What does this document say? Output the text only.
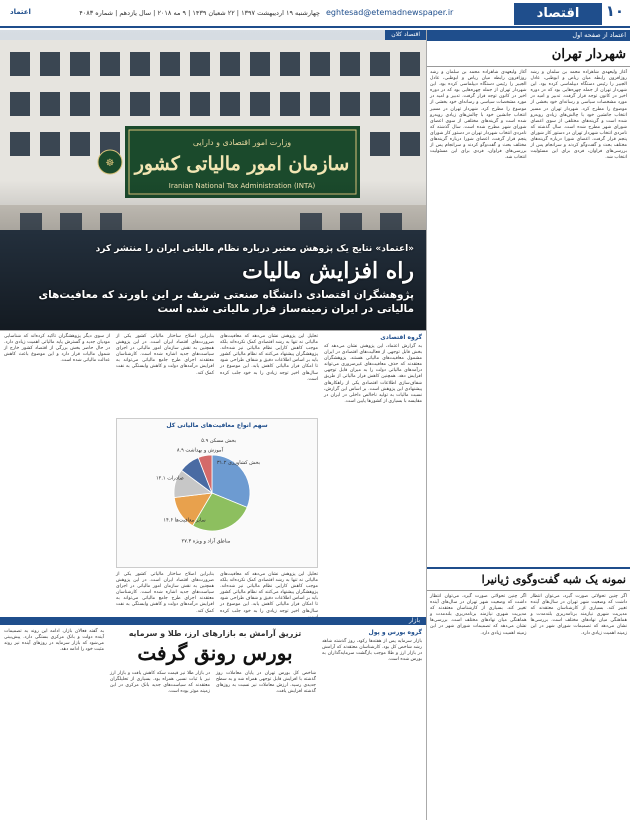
۱۰
اقتصاد
eghtesad@etemadnewspaper.ir
چهارشنبه ۱۹ اردیبهشت ۱۳۹۷ | ۲۲ شعبان ۱۴۳۹ | ۹ مه ۲۰۱۸ | سال یازدهم | شماره ۴۰۸۳
اعتماد
اعتماد از صفحه اول
شهردار تهران
آغاز ولیعهدی شاهزاده محمد بن سلمان و رشد روزافزون رابطه میان ریاض و ابوظبی، عادل الجبیر را رئیس دستگاه دیپلماسی کرده بود. این شهردار تهران از جمله چهره‌هایی بود که در دوره اخیر در کانون توجه قرار گرفت. تدبیر و امید در مورد مشخصات سیاسی و رسانه‌ای خود بخشی از موضوع را مطرح کرد. شهردار تهران در مسیر انتخاب جانشین خود با چالش‌های زیادی روبه‌رو شده است و گزینه‌های مختلفی از سوی اعضای شورای شهر مطرح شده است. سال گذشته که نامزدی انتخاب شهردار تهران در دستور کار شورای پنجم قرار گرفت، اعضای شورا درباره گزینه‌های مختلف بحث و گفت‌وگو کردند و سرانجام پس از بررسی‌های فراوان، فردی برای این مسئولیت انتخاب شد.
آغاز ولیعهدی شاهزاده محمد بن سلمان و رشد روزافزون رابطه میان ریاض و ابوظبی، عادل الجبیر را رئیس دستگاه دیپلماسی کرده بود. این شهردار تهران از جمله چهره‌هایی بود که در دوره اخیر در کانون توجه قرار گرفت. تدبیر و امید در مورد مشخصات سیاسی و رسانه‌ای خود بخشی از موضوع را مطرح کرد. شهردار تهران در مسیر انتخاب جانشین خود با چالش‌های زیادی روبه‌رو شده است و گزینه‌های مختلفی از سوی اعضای شورای شهر مطرح شده است. سال گذشته که نامزدی انتخاب شهردار تهران در دستور کار شورای پنجم قرار گرفت، اعضای شورا درباره گزینه‌های مختلف بحث و گفت‌وگو کردند و سرانجام پس از بررسی‌های فراوان، فردی برای این مسئولیت انتخاب شد.
نمونه یک شبه گفت‌وگوی ژیانیرا
اگر چنین تحولاتی صورت گیرد، می‌توان انتظار داشت که وضعیت شهر تهران در سال‌های آینده تغییر کند. بسیاری از کارشناسان معتقدند که مدیریت شهری نیازمند برنامه‌ریزی بلندمدت و هماهنگی میان نهادهای مختلف است. بررسی‌ها نشان می‌دهد که تصمیمات شورای شهر در این زمینه اهمیت زیادی دارد.
اگر چنین تحولاتی صورت گیرد، می‌توان انتظار داشت که وضعیت شهر تهران در سال‌های آینده تغییر کند. بسیاری از کارشناسان معتقدند که مدیریت شهری نیازمند برنامه‌ریزی بلندمدت و هماهنگی میان نهادهای مختلف است. بررسی‌ها نشان می‌دهد که تصمیمات شورای شهر در این زمینه اهمیت زیادی دارد.
وزارت امور اقتصادی و دارایی
سازمان امور مالیاتی کشور
☸
اقتصاد کلان
«اعتماد» نتایج یک پژوهش معتبر درباره نظام مالیاتی ایران را منتشر کرد
راه افزایش مالیات
پژوهشگران اقتصادی دانشگاه صنعتی شریف بر این باورند که معافیت‌های مالیاتی در ایران زمینه‌ساز فرار مالیاتی شده است
گروه اقتصادی
به گزارش اعتماد، این پژوهش نشان می‌دهد که بخش قابل توجهی از فعالیت‌های اقتصادی در ایران مشمول معافیت‌های مالیاتی هستند. پژوهشگران معتقدند که حذف معافیت‌های غیرضروری می‌تواند درآمدهای مالیاتی دولت را به میزان قابل توجهی افزایش دهد. همچنین کاهش فرار مالیاتی از طریق شفاف‌سازی اطلاعات اقتصادی یکی از راهکارهای پیشنهادی این پژوهش است. بر اساس این گزارش، نسبت مالیات به تولید ناخالص داخلی در ایران در مقایسه با بسیاری از کشورها پایین است.
تحلیل این پژوهش نشان می‌دهد که معافیت‌های مالیاتی نه تنها به رشد اقتصادی کمک نکرده‌اند بلکه موجب کاهش کارایی نظام مالیاتی نیز شده‌اند. پژوهشگران پیشنهاد می‌کنند که نظام مالیاتی کشور باید بر اساس اطلاعات دقیق و شفاف طراحی شود تا امکان فرار مالیاتی کاهش یابد. این موضوع در سال‌های اخیر توجه زیادی را به خود جلب کرده است.
بنابراین اصلاح ساختار مالیاتی کشور یکی از ضرورت‌های اقتصاد ایران است. در این پژوهش همچنین به نقش سازمان امور مالیاتی در اجرای سیاست‌های جدید اشاره شده است. کارشناسان معتقدند اجرای طرح جامع مالیاتی می‌تواند به افزایش درآمدهای دولت و کاهش وابستگی به نفت کمک کند.
از سوی دیگر پژوهشگران تاکید کرده‌اند که شناسایی مودیان جدید و گسترش پایه مالیاتی اهمیت زیادی دارد. در حال حاضر بخش بزرگی از اقتصاد کشور خارج از شمول مالیات قرار دارد و این موضوع باعث کاهش عدالت مالیاتی شده است.
سهم انواع معافیت‌های مالیاتی کل
بخش کشاورزی ۳۱.۲
مناطق آزاد و ویژه ۲۷.۳
سایر معافیت‌ها ۱۴.۶
صادرات ۱۲.۱
آموزش و بهداشت ۸.۹
بخش مسکن ۵.۹
تحلیل این پژوهش نشان می‌دهد که معافیت‌های مالیاتی نه تنها به رشد اقتصادی کمک نکرده‌اند بلکه موجب کاهش کارایی نظام مالیاتی نیز شده‌اند. پژوهشگران پیشنهاد می‌کنند که نظام مالیاتی کشور باید بر اساس اطلاعات دقیق و شفاف طراحی شود تا امکان فرار مالیاتی کاهش یابد. این موضوع در سال‌های اخیر توجه زیادی را به خود جلب کرده
بنابراین اصلاح ساختار مالیاتی کشور یکی از ضرورت‌های اقتصاد ایران است. در این پژوهش همچنین به نقش سازمان امور مالیاتی در اجرای سیاست‌های جدید اشاره شده است. کارشناسان معتقدند اجرای طرح جامع مالیاتی می‌تواند به افزایش درآمدهای دولت و کاهش وابستگی به نفت کمک کند.
بازار
تزریق آرامش به بازارهای ارز، طلا و سرمایه
بورس رونق گرفت
گروه بورس و پول
بازار سرمایه پس از هفته‌ها رکود، روز گذشته شاهد رشد شاخص کل بود. کارشناسان معتقدند که آرامش در بازار ارز و طلا موجب بازگشت سرمایه‌گذاران به بورس شده است.
شاخص کل بورس تهران در پایان معاملات روز گذشته با افزایش قابل توجهی همراه شد و به سطح جدیدی رسید. ارزش معاملات نیز نسبت به روزهای گذشته افزایش یافت.
در بازار طلا نیز قیمت سکه کاهش یافت و بازار ارز نیز با ثبات نسبی همراه بود. بسیاری از تحلیلگران معتقدند که سیاست‌های جدید بانک مرکزی در این زمینه موثر بوده است.
به گفته فعالان بازار، ادامه این روند به تصمیمات آینده دولت و بانک مرکزی بستگی دارد. پیش‌بینی می‌شود که بازار سرمایه در روزهای آینده نیز روند مثبت خود را ادامه دهد.
